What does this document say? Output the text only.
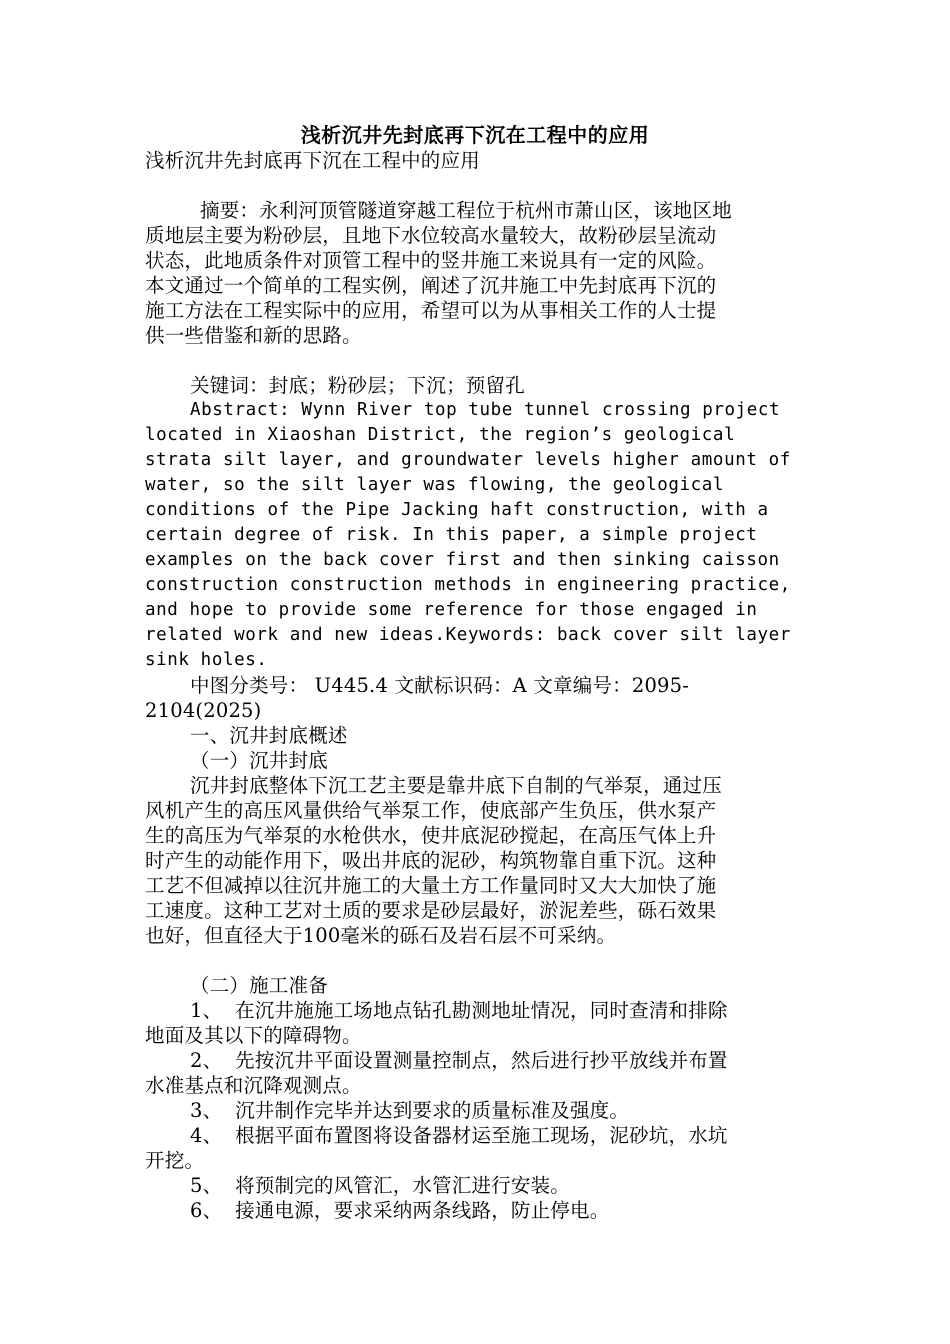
浅析沉井先封底再下沉在工程中的应用

浅析沉井先封底再下沉在工程中的应用

摘要：永利河顶管隧道穿越工程位于杭州市萧山区，该地区地

质地层主要为粉砂层，且地下水位较高水量较大，故粉砂层呈流动

状态，此地质条件对顶管工程中的竖井施工来说具有一定的风险。

本文通过一个简单的工程实例，阐述了沉井施工中先封底再下沉的

施工方法在工程实际中的应用，希望可以为从事相关工作的人士提

供一些借鉴和新的思路。

关键词：封底；粉砂层；下沉；预留孔

Abstract: Wynn River top tube tunnel crossing project

located in Xiaoshan District, the region’s geological

strata silt layer, and groundwater levels higher amount of

water, so the silt layer was flowing, the geological

conditions of the Pipe Jacking haft construction, with a

certain degree of risk. In this paper, a simple project

examples on the back cover first and then sinking caisson

construction construction methods in engineering practice,

and hope to provide some reference for those engaged in

related work and new ideas.Keywords: back cover silt layer

sink holes.

中图分类号： U445.4 文献标识码：A 文章编号：2095-

2104(2025)

一、沉井封底概述

（一）沉井封底

沉井封底整体下沉工艺主要是靠井底下自制的气举泵，通过压

风机产生的高压风量供给气举泵工作，使底部产生负压，供水泵产

生的高压为气举泵的水枪供水，使井底泥砂搅起，在高压气体上升

时产生的动能作用下，吸出井底的泥砂，构筑物靠自重下沉。这种

工艺不但减掉以往沉井施工的大量土方工作量同时又大大加快了施

工速度。这种工艺对土质的要求是砂层最好，淤泥差些，砾石效果

也好，但直径大于100毫米的砾石及岩石层不可采纳。

（二）施工准备

1、  在沉井施施工场地点钻孔勘测地址情况，同时查清和排除

地面及其以下的障碍物。

2、  先按沉井平面设置测量控制点，然后进行抄平放线并布置

水准基点和沉降观测点。

3、  沉井制作完毕并达到要求的质量标准及强度。

4、  根据平面布置图将设备器材运至施工现场，泥砂坑，水坑

开挖。

5、  将预制完的风管汇，水管汇进行安装。

6、  接通电源，要求采纳两条线路，防止停电。
